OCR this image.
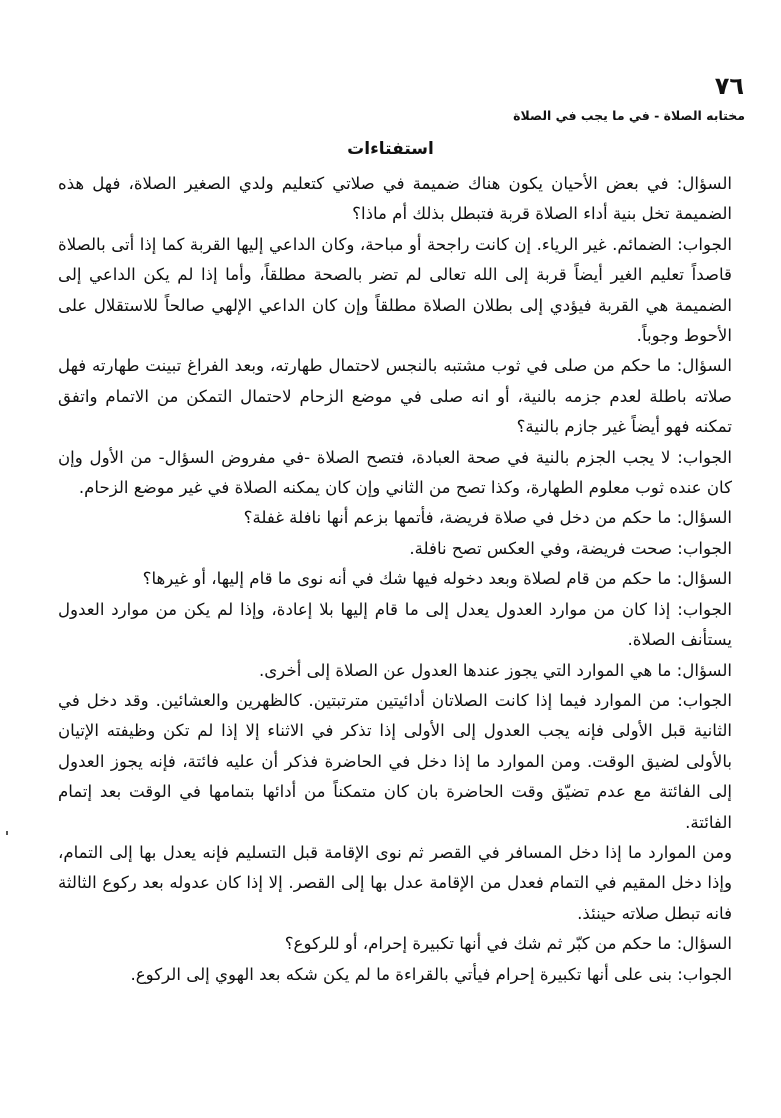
٧٦
مختابه الصلاة - في ما يجب في الصلاة
استفتاءات

السؤال: في بعض الأحيان يكون هناك ضميمة في صلاتي كتعليم ولدي الصغير الصلاة، فهل هذه الضميمة تخل بنية أداء الصلاة قربة فتبطل بذلك أم ماذا؟

الجواب: الضمائم. غير الرياء. إن كانت راجحة أو مباحة، وكان الداعي إليها القربة كما إذا أتى بالصلاة قاصداً تعليم الغير أيضاً قربة إلى الله تعالى لم تضر بالصحة مطلقاً، وأما إذا لم يكن الداعي إلى الضميمة هي القربة فيؤدي إلى بطلان الصلاة مطلقاً وإن كان الداعي الإلهي صالحاً للاستقلال على الأحوط وجوباً.

السؤال: ما حكم من صلى في ثوب مشتبه بالنجس لاحتمال طهارته، وبعد الفراغ تبينت طهارته فهل صلاته باطلة لعدم جزمه بالنية، أو انه صلى في موضع الزحام لاحتمال التمكن من الاتمام واتفق تمكنه فهو أيضاً غير جازم بالنية؟

الجواب: لا يجب الجزم بالنية في صحة العبادة، فتصح الصلاة -في مفروض السؤال- من الأول وإن كان عنده ثوب معلوم الطهارة، وكذا تصح من الثاني وإن كان يمكنه الصلاة في غير موضع الزحام.

السؤال: ما حكم من دخل في صلاة فريضة، فأتمها بزعم أنها نافلة غفلة؟

الجواب: صحت فريضة، وفي العكس تصح نافلة.

السؤال: ما حكم من قام لصلاة وبعد دخوله فيها شك في أنه نوى ما قام إليها، أو غيرها؟

الجواب: إذا كان من موارد العدول يعدل إلى ما قام إليها بلا إعادة، وإذا لم يكن من موارد العدول يستأنف الصلاة.

السؤال: ما هي الموارد التي يجوز عندها العدول عن الصلاة إلى أخرى.

الجواب: من الموارد فيما إذا كانت الصلاتان أدائيتين مترتبتين. كالظهرين والعشائين. وقد دخل في الثانية قبل الأولى فإنه يجب العدول إلى الأولى إذا تذكر في الاثناء إلا إذا لم تكن وظيفته الإتيان بالأولى لضيق الوقت. ومن الموارد ما إذا دخل في الحاضرة فذكر أن عليه فائتة، فإنه يجوز العدول إلى الفائتة مع عدم تضيّق وقت الحاضرة بان كان متمكناً من أدائها بتمامها في الوقت بعد إتمام الفائتة.

ومن الموارد ما إذا دخل المسافر في القصر ثم نوى الإقامة قبل التسليم فإنه يعدل بها إلى التمام، وإذا دخل المقيم في التمام فعدل من الإقامة عدل بها إلى القصر. إلا إذا كان عدوله بعد ركوع الثالثة فانه تبطل صلاته حينئذ.

السؤال: ما حكم من كبّر ثم شك في أنها تكبيرة إحرام، أو للركوع؟

الجواب: بنى على أنها تكبيرة إحرام فيأتي بالقراءة ما لم يكن شكه بعد الهوي إلى الركوع.
